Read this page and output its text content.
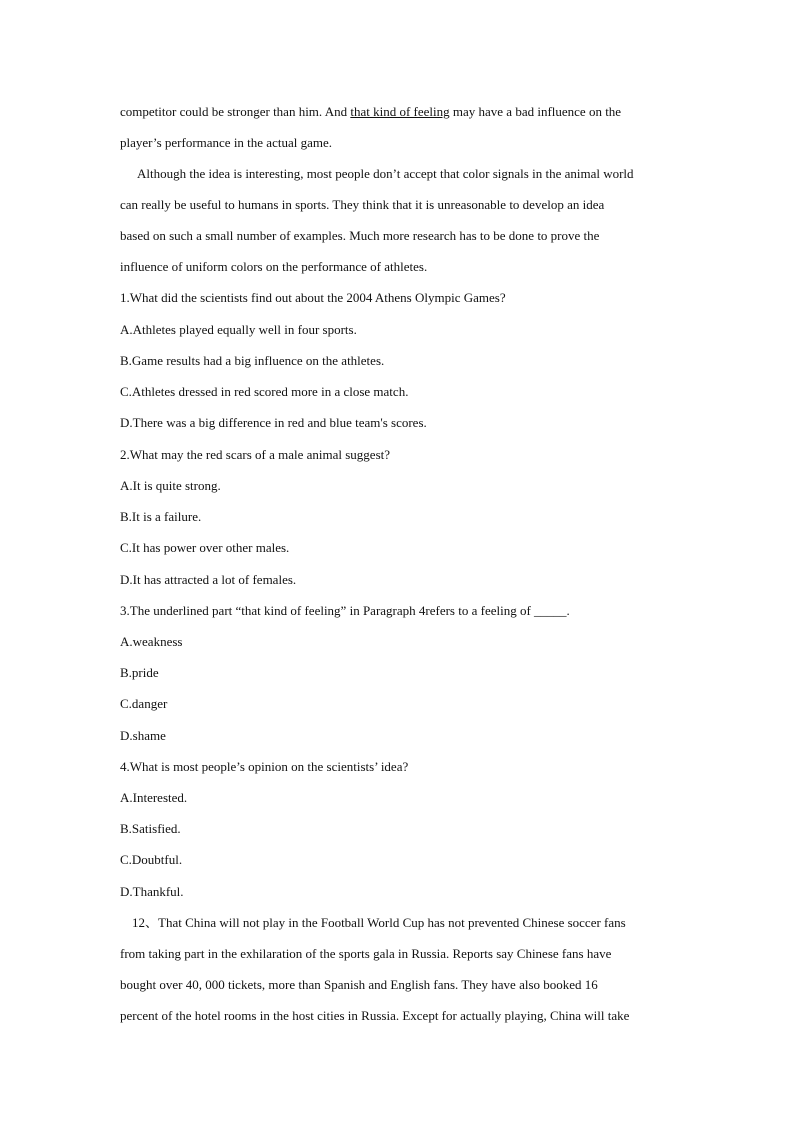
competitor could be stronger than him. And that kind of feeling may have a bad influence on the
player’s performance in the actual game.
Although the idea is interesting, most people don’t accept that color signals in the animal world
can really be useful to humans in sports. They think that it is unreasonable to develop an idea
based on such a small number of examples. Much more research has to be done to prove the
influence of uniform colors on the performance of athletes.
1.What did the scientists find out about the 2004 Athens Olympic Games?
A.Athletes played equally well in four sports.
B.Game results had a big influence on the athletes.
C.Athletes dressed in red scored more in a close match.
D.There was a big difference in red and blue team's scores.
2.What may the red scars of a male animal suggest?
A.It is quite strong.
B.It is a failure.
C.It has power over other males.
D.It has attracted a lot of females.
3.The underlined part “that kind of feeling” in Paragraph 4refers to a feeling of _____.
A.weakness
B.pride
C.danger
D.shame
4.What is most people’s opinion on the scientists’ idea?
A.Interested.
B.Satisfied.
C.Doubtful.
D.Thankful.
12、That China will not play in the Football World Cup has not prevented Chinese soccer fans
from taking part in the exhilaration of the sports gala in Russia. Reports say Chinese fans have
bought over 40, 000 tickets, more than Spanish and English fans. They have also booked 16
percent of the hotel rooms in the host cities in Russia. Except for actually playing, China will take
